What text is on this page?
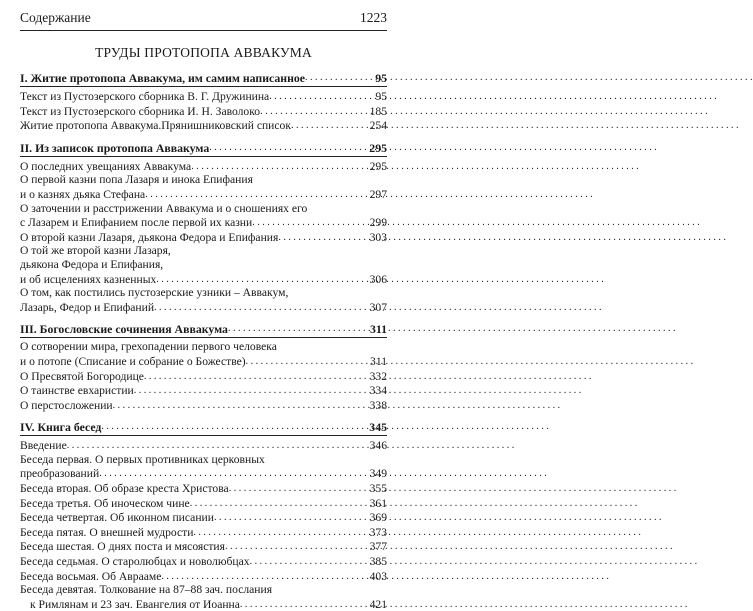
Содержание	1223
ТРУДЫ ПРОТОПОПА АВВАКУМА
I. Житие протопопа Аввакума, им самим написанное . . .	95
Текст из Пустозерского сборника В. Г. Дружинина . . .	95
Текст из Пустозерского сборника И. Н. Заволоко . . .	185
Житие протопопа Аввакума.Прянишниковский список . . .	254
II. Из записок протопопа Аввакума . . .	295
О последних увещаниях Аввакума . . .	295
О первой казни попа Лазаря и инока Епифания
и о казнях дьяка Стефана . . .	297
О заточении и расстрижении Аввакума и о сношениях его
с Лазарем и Епифанием после первой их казни . . .	299
О второй казни Лазаря, дьякона Федора и Епифания . . .	303
О той же второй казни Лазаря,
дьякона Федора и Епифания,
и об исцелениях казненных . . .	306
О том, как постились пустозерские узники – Аввакум,
Лазарь, Федор и Епифаний . . .	307
III. Богословские сочинения Аввакума . . .	311
О сотворении мира, грехопадении первого человека
и о потопе (Списание и собрание о Божестве) . . .	311
О Пресвятой Богородице . . .	332
О таинстве евхаристии . . .	334
О перстосложении . . .	338
IV. Книга бесед . . .	345
Введение . . .	346
Беседа первая. О первых противниках церковных
преобразований . . .	349
Беседа вторая. Об образе креста Христова . . .	355
Беседа третья. Об иноческом чине . . .	361
Беседа четвертая. Об иконном писании . . .	369
Беседа пятая. О внешней мудрости . . .	373
Беседа шестая. О днях поста и мясоястия . . .	377
Беседа седьмая. О старолюбцах и новолюбцах . . .	385
Беседа восьмая. Об Аврааме . . .	403
Беседа девятая. Толкование на 87–88 зач. послания
к Римлянам и 23 зач. Евангелия от Иоанна . . .	421
